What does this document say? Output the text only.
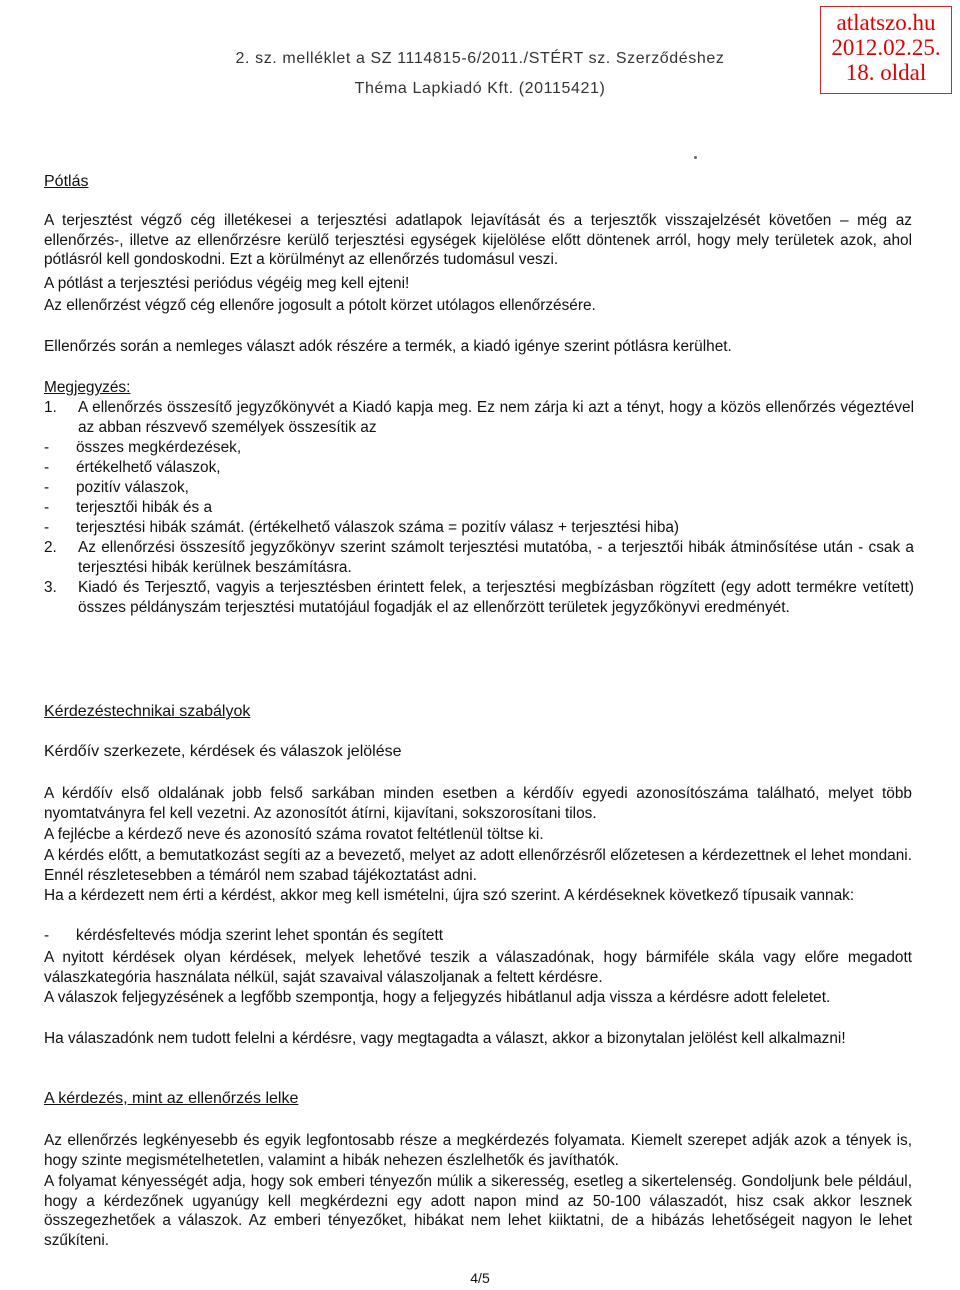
2. sz. melléklet a SZ 1114815-6/2011./STÉRT sz. Szerződéshez
Théma Lapkiadó Kft. (20115421)
atlatszo.hu
2012.02.25.
18. oldal
Pótlás
A terjesztést végző cég illetékesei a terjesztési adatlapok lejavítását és a terjesztők visszajelzését követően – még az ellenőrzés-, illetve az ellenőrzésre kerülő terjesztési egységek kijelölése előtt döntenek arról, hogy mely területek azok, ahol pótlásról kell gondoskodni. Ezt a körülményt az ellenőrzés tudomásul veszi.
A pótlást a terjesztési periódus végéig meg kell ejteni!
Az ellenőrzést végző cég ellenőre jogosult a pótolt körzet utólagos ellenőrzésére.
Ellenőrzés során a nemleges választ adók részére a termék, a kiadó igénye szerint pótlásra kerülhet.
Megjegyzés:
1.	A ellenőrzés összesítő jegyzőkönyvét a Kiadó kapja meg. Ez nem zárja ki azt a tényt, hogy a közös ellenőrzés végeztével az abban részvevő személyek összesítik az
-	összes megkérdezések,
-	értékelhető válaszok,
-	pozitív válaszok,
-	terjesztői hibák és a
-	terjesztési hibák számát. (értékelhető válaszok száma = pozitív válasz + terjesztési hiba)
2.	Az ellenőrzési összesítő jegyzőkönyv szerint számolt terjesztési mutatóba, - a terjesztői hibák átminősítése után - csak a terjesztési hibák kerülnek beszámításra.
3.	Kiadó és Terjesztő, vagyis a terjesztésben érintett felek, a terjesztési megbízásban rögzített (egy adott termékre vetített) összes példányszám terjesztési mutatójául fogadják el az ellenőrzött területek jegyzőkönyvi eredményét.
Kérdezéstechnikai szabályok
Kérdőív szerkezete, kérdések és válaszok jelölése
A kérdőív első oldalának jobb felső sarkában minden esetben a kérdőív egyedi azonosítószáma található, melyet több nyomtatványra fel kell vezetni. Az azonosítót átírni, kijavítani, sokszorosítani tilos.
A fejlécbe a kérdező neve és azonosító száma rovatot feltétlenül töltse ki.
A kérdés előtt, a bemutatkozást segíti az a bevezető, melyet az adott ellenőrzésről előzetesen a kérdezettnek el lehet mondani. Ennél részletesebben a témáról nem szabad tájékoztatást adni.
Ha a kérdezett nem érti a kérdést, akkor meg kell ismételni, újra szó szerint. A kérdéseknek következő típusaik vannak:
-	kérdésfeltevés módja szerint lehet spontán és segített
A nyitott kérdések olyan kérdések, melyek lehetővé teszik a válaszadónak, hogy bármiféle skála vagy előre megadott válaszkategória használata nélkül, saját szavaival válaszoljanak a feltett kérdésre.
A válaszok feljegyzésének a legfőbb szempontja, hogy a feljegyzés hibátlanul adja vissza a kérdésre adott feleletet.
Ha válaszadónk nem tudott felelni a kérdésre, vagy megtagadta a választ, akkor a bizonytalan jelölést kell alkalmazni!
A kérdezés, mint az ellenőrzés lelke
Az ellenőrzés legkényesebb és egyik legfontosabb része a megkérdezés folyamata. Kiemelt szerepet adják azok a tények is, hogy szinte megismételhetetlen, valamint a hibák nehezen észlelhetők és javíthatók.
A folyamat kényességét adja, hogy sok emberi tényezőn múlik a sikeresség, esetleg a sikertelenség. Gondoljunk bele például, hogy a kérdezőnek ugyanúgy kell megkérdezni egy adott napon mind az 50-100 válaszadót, hisz csak akkor lesznek összegezhetőek a válaszok. Az emberi tényezőket, hibákat nem lehet kiiktatni, de a hibázás lehetőségeit nagyon le lehet szűkíteni.
4/5
